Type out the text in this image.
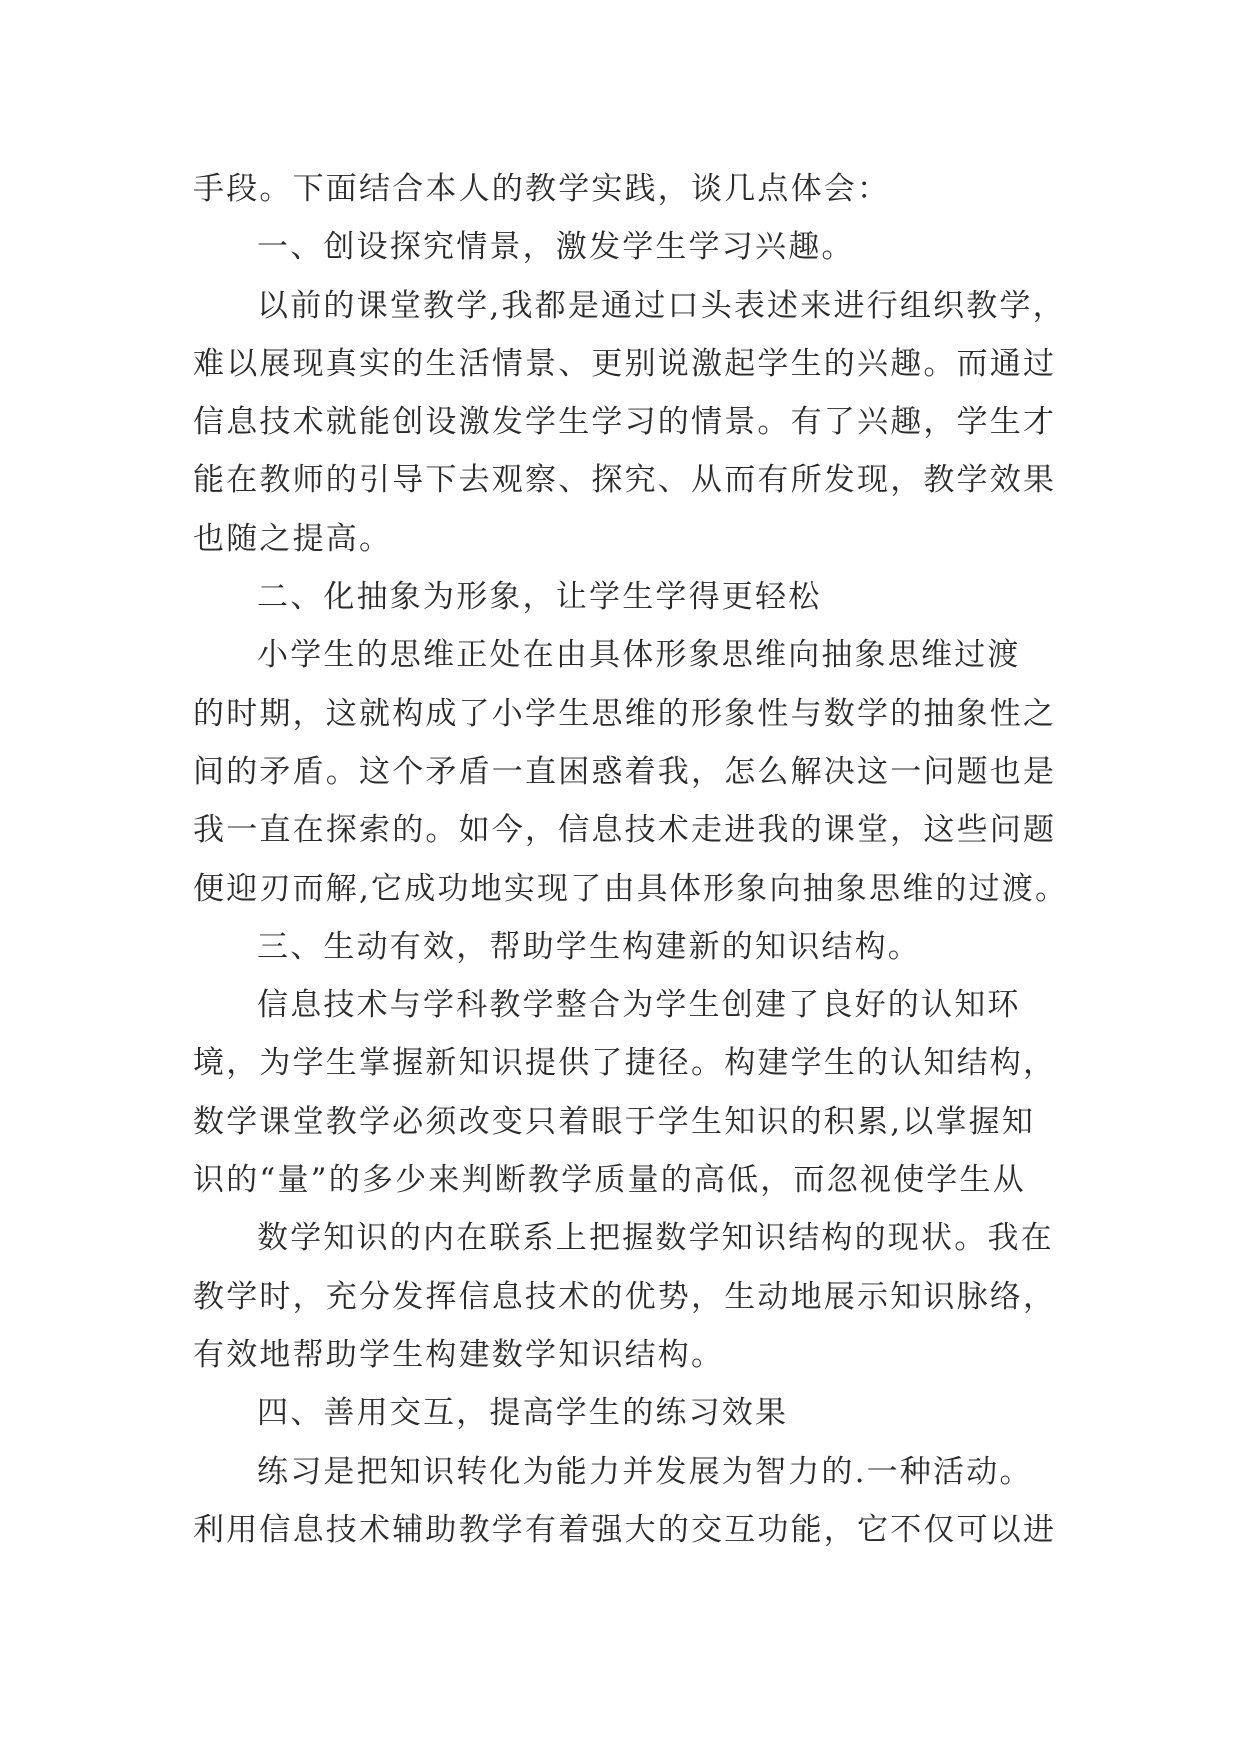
手段。下面结合本人的教学实践，谈几点体会：
一、创设探究情景，激发学生学习兴趣。
以前的课堂教学,我都是通过口头表述来进行组织教学，
难以展现真实的生活情景、更别说激起学生的兴趣。而通过
信息技术就能创设激发学生学习的情景。有了兴趣，学生才
能在教师的引导下去观察、探究、从而有所发现，教学效果
也随之提高。
二、化抽象为形象，让学生学得更轻松
小学生的思维正处在由具体形象思维向抽象思维过渡
的时期，这就构成了小学生思维的形象性与数学的抽象性之
间的矛盾。这个矛盾一直困惑着我，怎么解决这一问题也是
我一直在探索的。如今，信息技术走进我的课堂，这些问题
便迎刃而解,它成功地实现了由具体形象向抽象思维的过渡。
三、生动有效，帮助学生构建新的知识结构。
信息技术与学科教学整合为学生创建了良好的认知环
境，为学生掌握新知识提供了捷径。构建学生的认知结构，
数学课堂教学必须改变只着眼于学生知识的积累,以掌握知
识的“量”的多少来判断教学质量的高低，而忽视使学生从
数学知识的内在联系上把握数学知识结构的现状。我在
教学时，充分发挥信息技术的优势，生动地展示知识脉络，
有效地帮助学生构建数学知识结构。
四、善用交互，提高学生的练习效果
练习是把知识转化为能力并发展为智力的.一种活动。
利用信息技术辅助教学有着强大的交互功能，它不仅可以进
